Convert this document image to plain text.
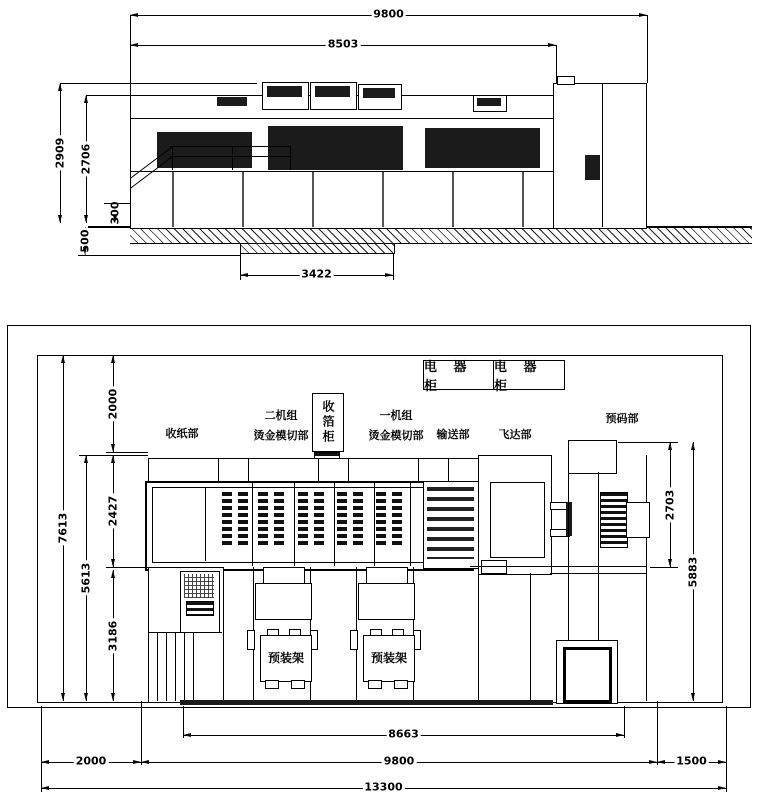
9800
8503
2909 2706
300
500
3422
电 器 柜
电 器 柜
收纸部
二机组
烫金模切部	收箔柜	一机组
烫金模切部	输送部	飞达部
预码部
预装架	预装架
2000
2427
3186
5613
7613
2703
5883
8663
2000	9800	1500
13300
